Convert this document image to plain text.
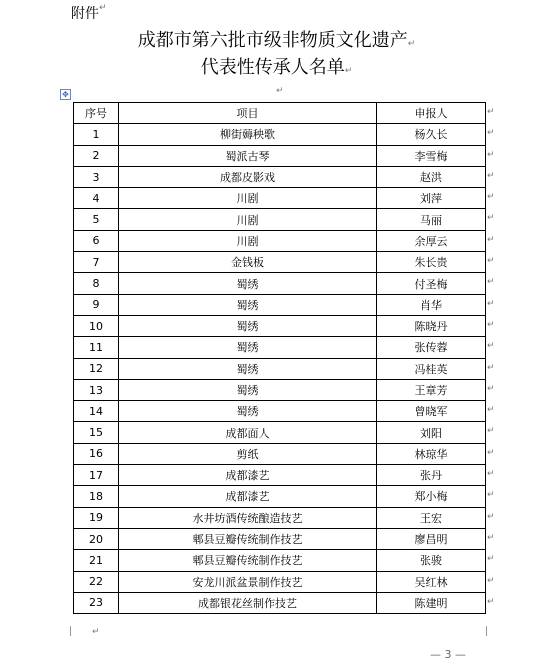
附件 ↵
成都市第六批市级非物质文化遗产↵
代表性传承人名单↵
✥	↵
序号	项目	申报人
1	柳街薅秧歌	杨久长
2	蜀派古琴	李雪梅
3	成都皮影戏	赵洪
4	川剧	刘萍
5	川剧	马丽
6	川剧	余厚云
7	金钱板	朱长贵
8	蜀绣	付圣梅
9	蜀绣	肖华
10	蜀绣	陈晓丹
11	蜀绣	张传蓉
12	蜀绣	冯桂英
13	蜀绣	王章芳
14	蜀绣	曾晓军
15	成都面人	刘阳
16	剪纸	林琼华
17	成都漆艺	张丹
18	成都漆艺	郑小梅
19	水井坊酒传统酿造技艺	王宏
20	郫县豆瓣传统制作技艺	廖昌明
21	郫县豆瓣传统制作技艺	张骏
22	安龙川派盆景制作技艺	吴红林
23	成都银花丝制作技艺	陈建明
↵
↵
↵
↵
↵
↵
↵
↵
↵
↵
↵
↵
↵
↵
↵
↵
↵
↵
↵
↵
↵
↵
↵
↵
↵
— 3 —
